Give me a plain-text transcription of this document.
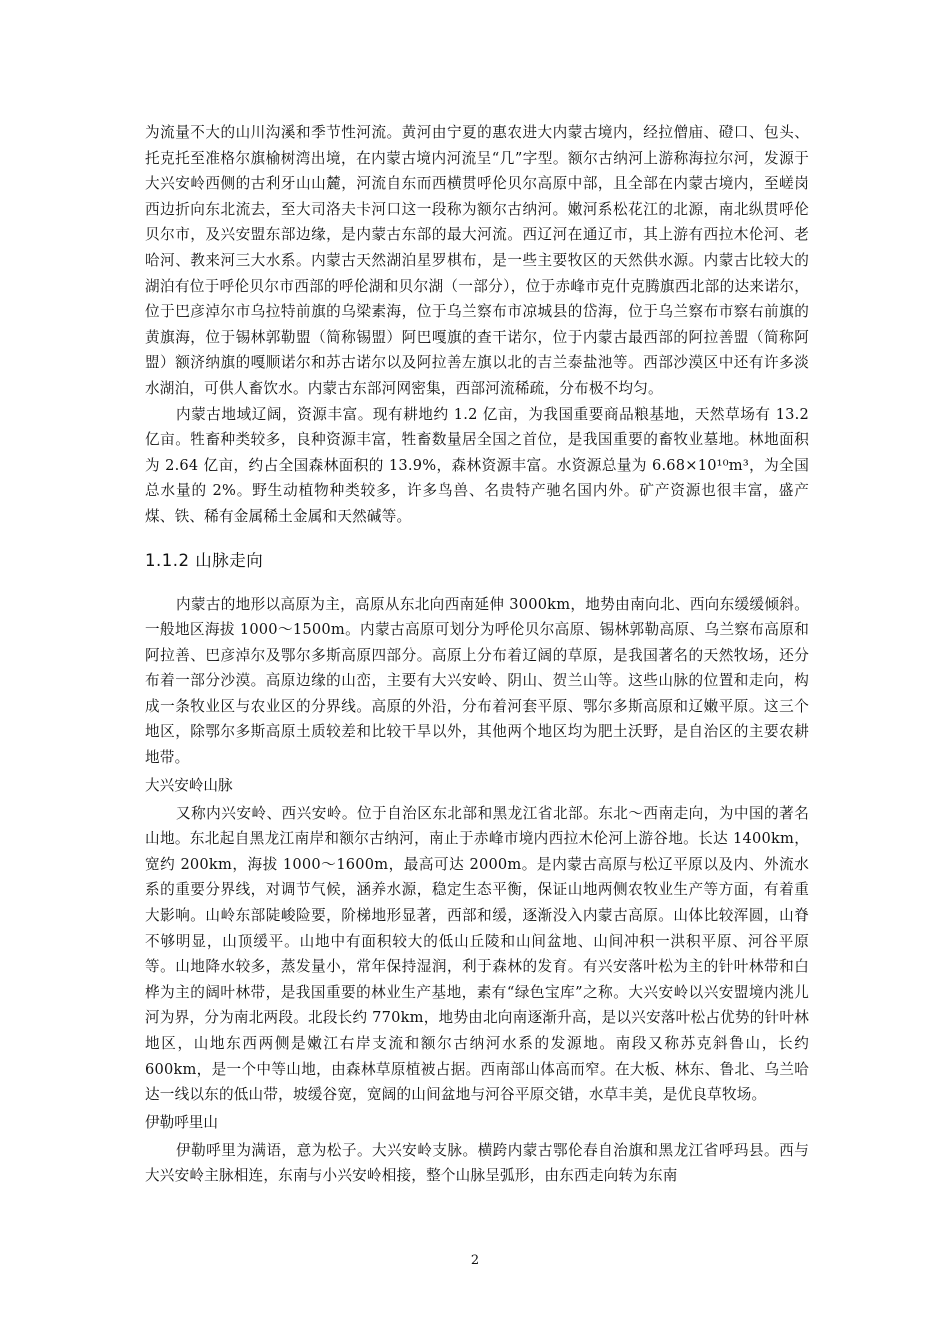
为流量不大的山川沟溪和季节性河流。黄河由宁夏的惠农进大内蒙古境内，经拉僧庙、磴口、包头、托克托至准格尔旗榆树湾出境，在内蒙古境内河流呈“几”字型。额尔古纳河上游称海拉尔河，发源于大兴安岭西侧的古利牙山山麓，河流自东而西横贯呼伦贝尔高原中部，且全部在内蒙古境内，至嵯岗西边折向东北流去，至大司洛夫卡河口这一段称为额尔古纳河。嫩河系松花江的北源，南北纵贯呼伦贝尔市，及兴安盟东部边缘，是内蒙古东部的最大河流。西辽河在通辽市，其上游有西拉木伦河、老哈河、教来河三大水系。内蒙古天然湖泊星罗棋布，是一些主要牧区的天然供水源。内蒙古比较大的湖泊有位于呼伦贝尔市西部的呼伦湖和贝尔湖（一部分），位于赤峰市克什克腾旗西北部的达来诺尔，位于巴彦淖尔市乌拉特前旗的乌梁素海，位于乌兰察布市凉城县的岱海，位于乌兰察布市察右前旗的黄旗海，位于锡林郭勒盟（简称锡盟）阿巴嘎旗的查干诺尔，位于内蒙古最西部的阿拉善盟（简称阿盟）额济纳旗的嘎顺诺尔和苏古诺尔以及阿拉善左旗以北的吉兰泰盐池等。西部沙漠区中还有许多淡水湖泊，可供人畜饮水。内蒙古东部河网密集，西部河流稀疏，分布极不均匀。

内蒙古地域辽阔，资源丰富。现有耕地约 1.2 亿亩，为我国重要商品粮基地，天然草场有 13.2 亿亩。牲畜种类较多，良种资源丰富，牲畜数量居全国之首位，是我国重要的畜牧业墓地。林地面积为 2.64 亿亩，约占全国森林面积的 13.9%，森林资源丰富。水资源总量为 6.68×10¹⁰m³，为全国总水量的 2%。野生动植物种类较多，许多鸟兽、名贵特产驰名国内外。矿产资源也很丰富，盛产煤、铁、稀有金属稀土金属和天然碱等。

1.1.2 山脉走向

内蒙古的地形以高原为主，高原从东北向西南延伸 3000km，地势由南向北、西向东缓缓倾斜。一般地区海拔 1000～1500m。内蒙古高原可划分为呼伦贝尔高原、锡林郭勒高原、乌兰察布高原和阿拉善、巴彦淖尔及鄂尔多斯高原四部分。高原上分布着辽阔的草原，是我国著名的天然牧场，还分布着一部分沙漠。高原边缘的山峦，主要有大兴安岭、阴山、贺兰山等。这些山脉的位置和走向，构成一条牧业区与农业区的分界线。高原的外沿，分布着河套平原、鄂尔多斯高原和辽嫩平原。这三个地区，除鄂尔多斯高原土质较差和比较干旱以外，其他两个地区均为肥土沃野，是自治区的主要农耕地带。

大兴安岭山脉

又称内兴安岭、西兴安岭。位于自治区东北部和黑龙江省北部。东北～西南走向，为中国的著名山地。东北起自黑龙江南岸和额尔古纳河，南止于赤峰市境内西拉木伦河上游谷地。长达 1400km，宽约 200km，海拔 1000～1600m，最高可达 2000m。是内蒙古高原与松辽平原以及内、外流水系的重要分界线，对调节气候，涵养水源，稳定生态平衡，保证山地两侧农牧业生产等方面，有着重大影响。山岭东部陡峻险要，阶梯地形显著，西部和缓，逐渐没入内蒙古高原。山体比较浑圆，山脊不够明显，山顶缓平。山地中有面积较大的低山丘陵和山间盆地、山间冲积一洪积平原、河谷平原等。山地降水较多，蒸发量小，常年保持湿润，利于森林的发育。有兴安落叶松为主的针叶林带和白桦为主的阔叶林带，是我国重要的林业生产基地，素有“绿色宝库”之称。大兴安岭以兴安盟境内洮儿河为界，分为南北两段。北段长约 770km，地势由北向南逐渐升高，是以兴安落叶松占优势的针叶林地区，山地东西两侧是嫩江右岸支流和额尔古纳河水系的发源地。南段又称苏克斜鲁山，长约 600km，是一个中等山地，由森林草原植被占据。西南部山体高而窄。在大板、林东、鲁北、乌兰哈达一线以东的低山带，坡缓谷宽，宽阔的山间盆地与河谷平原交错，水草丰美，是优良草牧场。

伊勒呼里山

伊勒呼里为满语，意为松子。大兴安岭支脉。横跨内蒙古鄂伦春自治旗和黑龙江省呼玛县。西与大兴安岭主脉相连，东南与小兴安岭相接，整个山脉呈弧形，由东西走向转为东南

2
